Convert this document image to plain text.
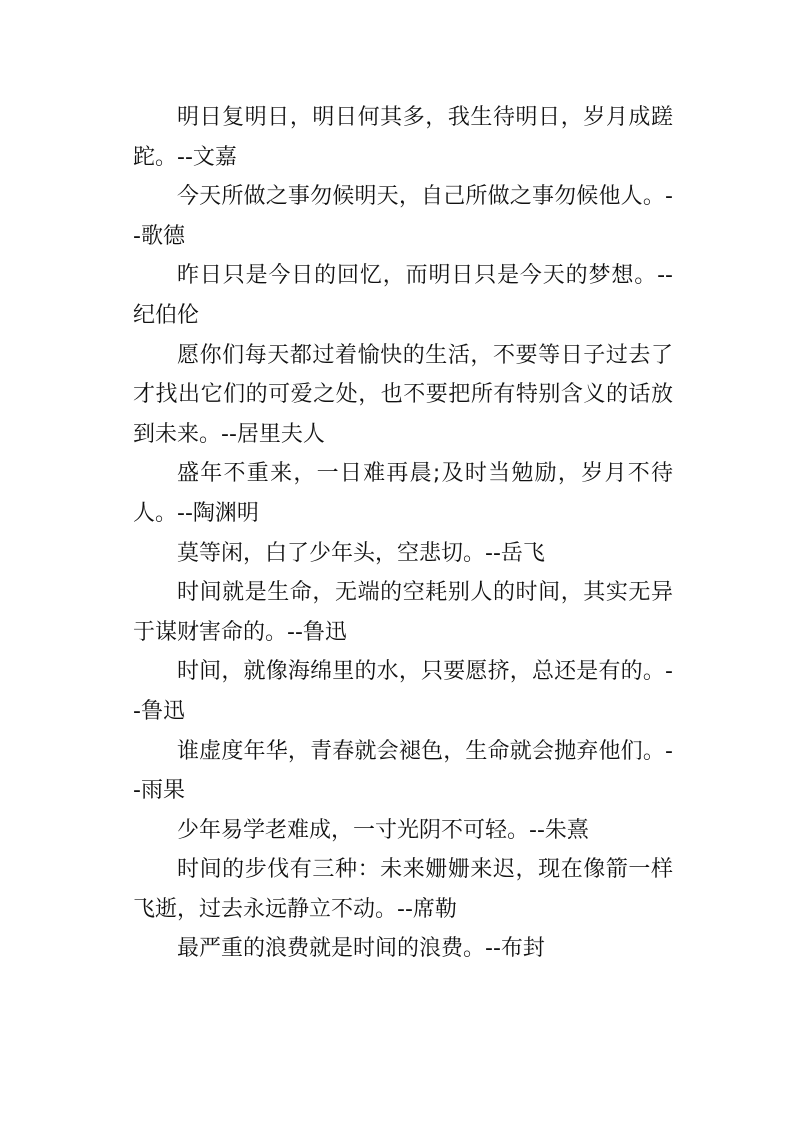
明日复明日，明日何其多，我生待明日，岁月成蹉跎。--文嘉

今天所做之事勿候明天，自己所做之事勿候他人。--歌德

昨日只是今日的回忆，而明日只是今天的梦想。--纪伯伦

愿你们每天都过着愉快的生活，不要等日子过去了才找出它们的可爱之处，也不要把所有特别含义的话放到未来。--居里夫人

盛年不重来，一日难再晨;及时当勉励，岁月不待人。--陶渊明

莫等闲，白了少年头，空悲切。--岳飞

时间就是生命，无端的空耗别人的时间，其实无异于谋财害命的。--鲁迅

时间，就像海绵里的水，只要愿挤，总还是有的。--鲁迅

谁虚度年华，青春就会褪色，生命就会抛弃他们。--雨果

少年易学老难成，一寸光阴不可轻。--朱熹

时间的步伐有三种：未来姗姗来迟，现在像箭一样飞逝，过去永远静立不动。--席勒

最严重的浪费就是时间的浪费。--布封
